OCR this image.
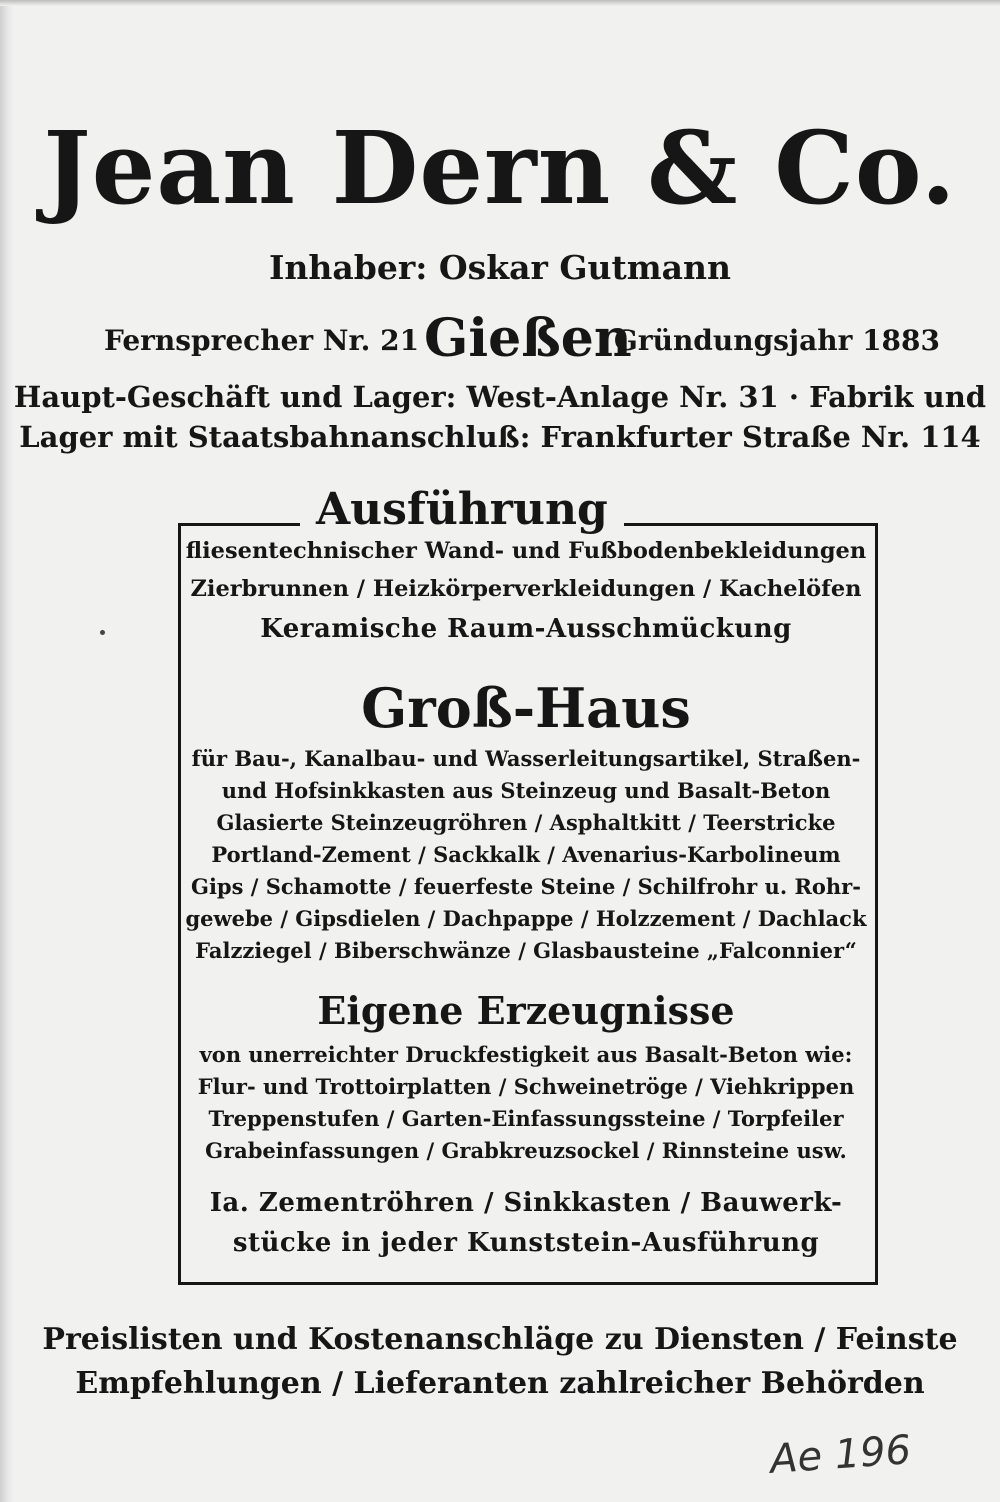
Jean Dern & Co.
Inhaber: Oskar Gutmann
Fernsprecher Nr. 21 Gießen
Gründungsjahr 1883
Haupt-Geschäft und Lager: West-Anlage Nr. 31 · Fabrik und
Lager mit Staatsbahnanschluß: Frankfurter Straße Nr. 114
Ausführung
fliesentechnischer Wand- und Fußbodenbekleidungen
Zierbrunnen / Heizkörperverkleidungen / Kachelöfen
Keramische Raum-Ausschmückung
Groß-Haus
für Bau-, Kanalbau- und Wasserleitungsartikel, Straßen-
und Hofsinkkasten aus Steinzeug und Basalt-Beton
Glasierte Steinzeugröhren / Asphaltkitt / Teerstricke
Portland-Zement / Sackkalk / Avenarius-Karbolineum
Gips / Schamotte / feuerfeste Steine / Schilfrohr u. Rohr-
gewebe / Gipsdielen / Dachpappe / Holzzement / Dachlack
Falzziegel / Biberschwänze / Glasbausteine „Falconnier“
Eigene Erzeugnisse
von unerreichter Druckfestigkeit aus Basalt-Beton wie:
Flur- und Trottoirplatten / Schweinetröge / Viehkrippen
Treppenstufen / Garten-Einfassungssteine / Torpfeiler
Grabeinfassungen / Grabkreuzsockel / Rinnsteine usw.
Ia. Zementröhren / Sinkkasten / Bauwerk-
stücke in jeder Kunststein-Ausführung
Preislisten und Kostenanschläge zu Diensten / Feinste
Empfehlungen / Lieferanten zahlreicher Behörden
Ae 196
